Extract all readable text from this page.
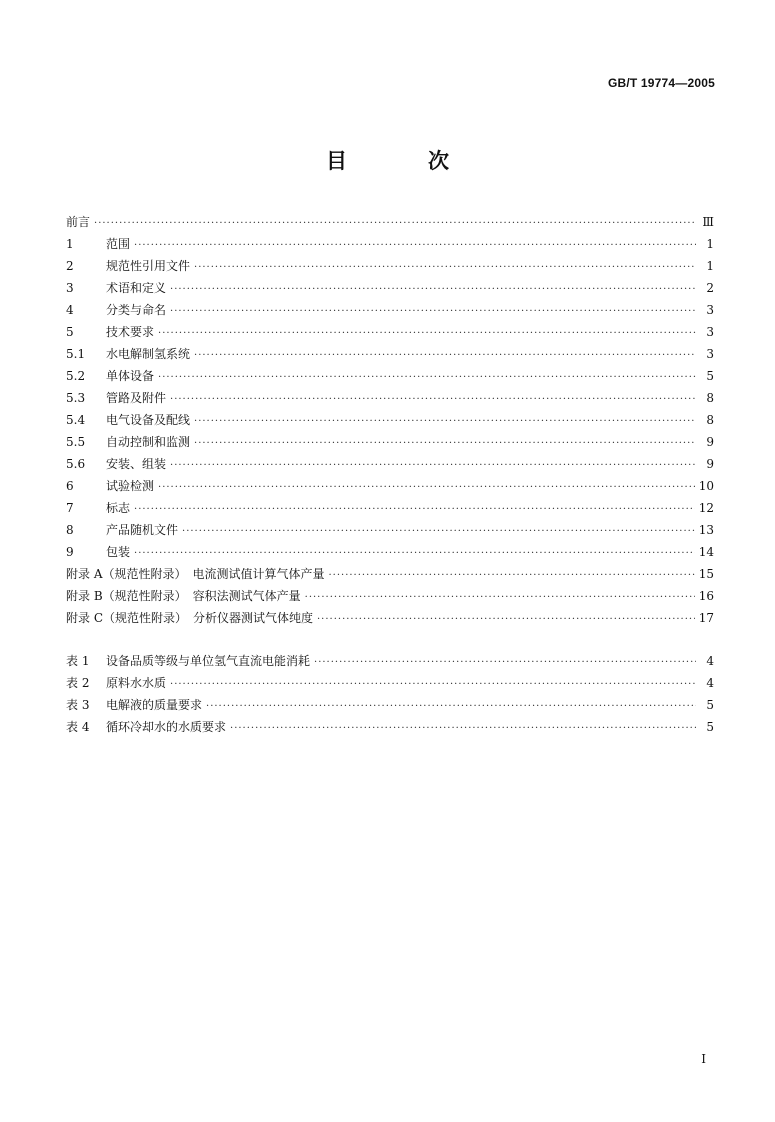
GB/T 19774—2005
目　次
前言 ·····	Ⅲ
1	范围 ·····	1
2	规范性引用文件 ·····	1
3	术语和定义 ·····	2
4	分类与命名 ·····	3
5	技术要求 ·····	3
5.1	水电解制氢系统 ·····	3
5.2	单体设备 ·····	5
5.3	管路及附件 ·····	8
5.4	电气设备及配线 ·····	8
5.5	自动控制和监测 ·····	9
5.6	安装、组装 ·····	9
6	试验检测 ·····	10
7	标志 ·····	12
8	产品随机文件 ·····	13
9	包装 ·····	14
附录 A（规范性附录）　电流测试值计算气体产量 ·····	15
附录 B（规范性附录）　容积法测试气体产量 ·····	16
附录 C（规范性附录）　分析仪器测试气体纯度 ·····	17
表 1	设备品质等级与单位氢气直流电能消耗 ·····	4
表 2	原料水水质 ·····	4
表 3	电解液的质量要求 ·····	5
表 4	循环冷却水的水质要求 ·····	5
I
